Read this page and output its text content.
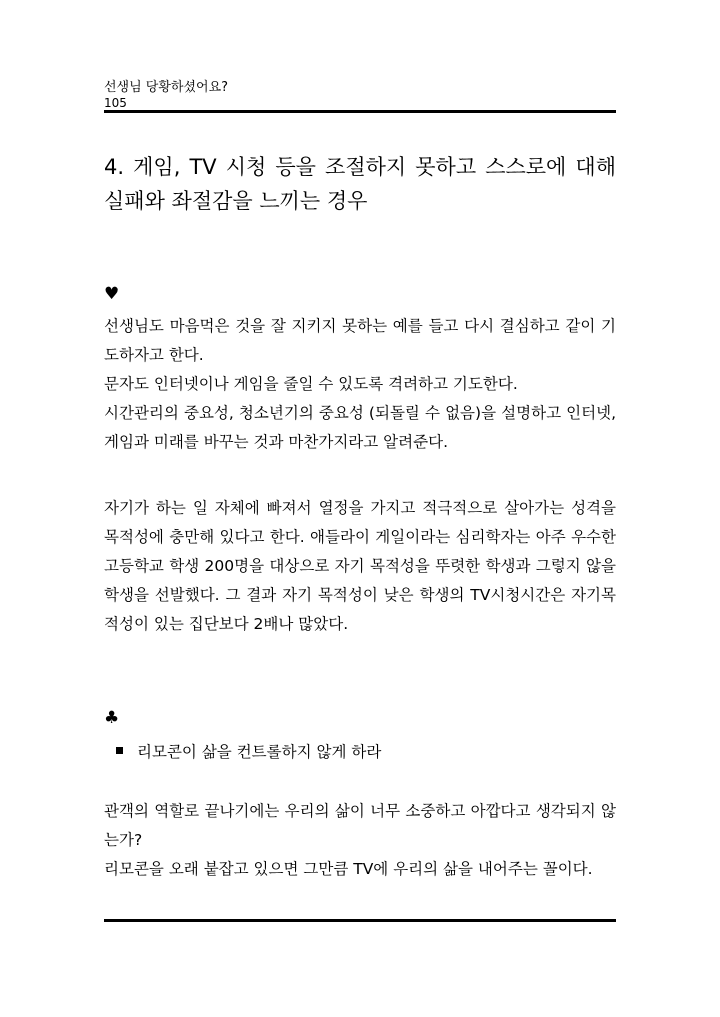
선생님 당황하셨어요?
105
4. 게임, TV 시청 등을 조절하지 못하고 스스로에 대해 실패와 좌절감을 느끼는 경우
♥

선생님도 마음먹은 것을 잘 지키지 못하는 예를 들고 다시 결심하고 같이 기도하자고 한다.

문자도 인터넷이나 게임을 줄일 수 있도록 격려하고 기도한다.

시간관리의 중요성, 청소년기의 중요성 (되돌릴 수 없음)을 설명하고 인터넷, 게임과 미래를 바꾸는 것과 마찬가지라고 알려준다.

자기가 하는 일 자체에 빠져서 열정을 가지고 적극적으로 살아가는 성격을 목적성에 충만해 있다고 한다. 애들라이 게일이라는 심리학자는 아주 우수한 고등학교 학생 200명을 대상으로 자기 목적성을 뚜렷한 학생과 그렇지 않을 학생을 선발했다. 그 결과 자기 목적성이 낮은 학생의 TV시청시간은 자기목적성이 있는 집단보다 2배나 많았다.

♣
리모콘이 삶을 컨트롤하지 않게 하라

관객의 역할로 끝나기에는 우리의 삶이 너무 소중하고 아깝다고 생각되지 않는가?

리모콘을 오래 붙잡고 있으면 그만큼 TV에 우리의 삶을 내어주는 꼴이다.
